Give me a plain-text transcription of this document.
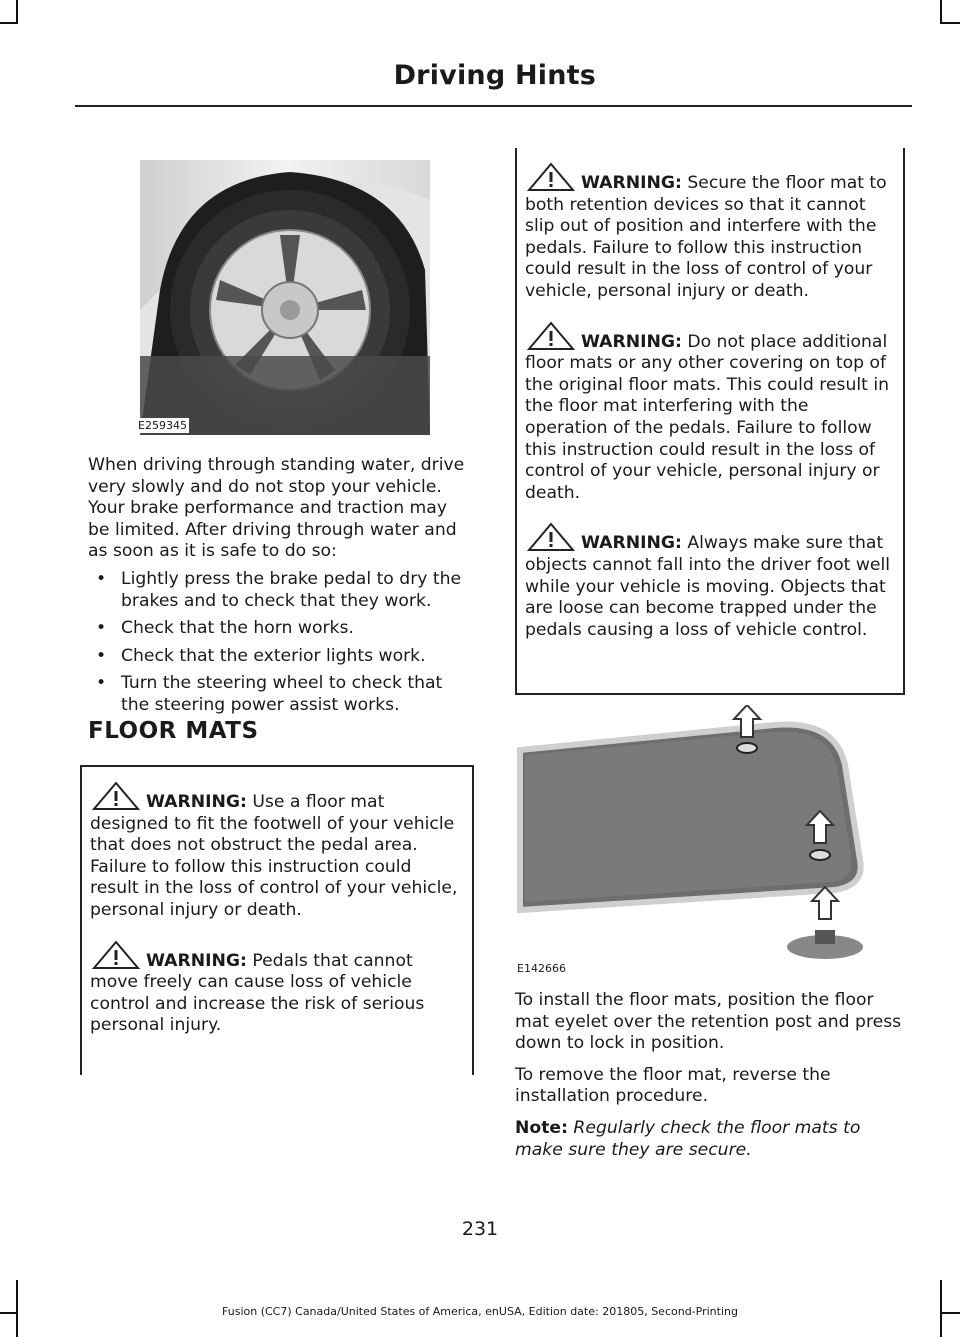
Driving Hints
E259345

When driving through standing water, drive very slowly and do not stop your vehicle. Your brake performance and traction may be limited. After driving through water and as soon as it is safe to do so:

• Lightly press the brake pedal to dry the brakes and to check that they work.
• Check that the horn works.
• Check that the exterior lights work.
• Turn the steering wheel to check that the steering power assist works.
FLOOR MATS

WARNING: Use a floor mat designed to fit the footwell of your vehicle that does not obstruct the pedal area. Failure to follow this instruction could result in the loss of control of your vehicle, personal injury or death.

WARNING: Pedals that cannot move freely can cause loss of vehicle control and increase the risk of serious personal injury.

WARNING: Secure the floor mat to both retention devices so that it cannot slip out of position and interfere with the pedals. Failure to follow this instruction could result in the loss of control of your vehicle, personal injury or death.

WARNING: Do not place additional floor mats or any other covering on top of the original floor mats. This could result in the floor mat interfering with the operation of the pedals. Failure to follow this instruction could result in the loss of control of your vehicle, personal injury or death.

WARNING: Always make sure that objects cannot fall into the driver foot well while your vehicle is moving. Objects that are loose can become trapped under the pedals causing a loss of vehicle control.

E142666

To install the floor mats, position the floor mat eyelet over the retention post and press down to lock in position.

To remove the floor mat, reverse the installation procedure.

Note: Regularly check the floor mats to make sure they are secure.

231
Fusion (CC7) Canada/United States of America, enUSA, Edition date: 201805, Second-Printing
